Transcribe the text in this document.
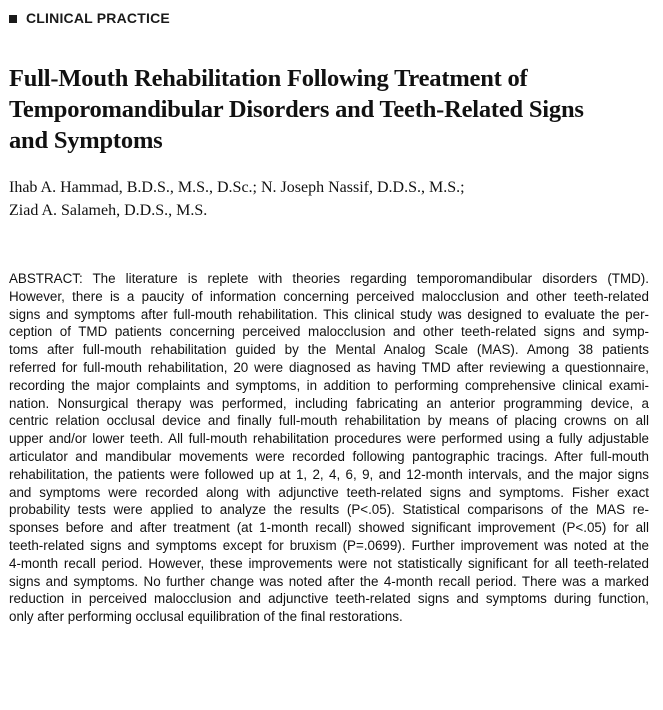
CLINICAL PRACTICE
Full-Mouth Rehabilitation Following Treatment of
Temporomandibular Disorders and Teeth-Related Signs
and Symptoms
Ihab A. Hammad, B.D.S., M.S., D.Sc.; N. Joseph Nassif, D.D.S., M.S.;
Ziad A. Salameh, D.D.S., M.S.
ABSTRACT: The literature is replete with theories regarding temporomandibular disorders (TMD).
However, there is a paucity of information concerning perceived malocclusion and other teeth-related
signs and symptoms after full-mouth rehabilitation. This clinical study was designed to evaluate the per-
ception of TMD patients concerning perceived malocclusion and other teeth-related signs and symp-
toms after full-mouth rehabilitation guided by the Mental Analog Scale (MAS). Among 38 patients
referred for full-mouth rehabilitation, 20 were diagnosed as having TMD after reviewing a questionnaire,
recording the major complaints and symptoms, in addition to performing comprehensive clinical exami-
nation. Nonsurgical therapy was performed, including fabricating an anterior programming device, a
centric relation occlusal device and finally full-mouth rehabilitation by means of placing crowns on all
upper and/or lower teeth. All full-mouth rehabilitation procedures were performed using a fully adjustable
articulator and mandibular movements were recorded following pantographic tracings. After full-mouth
rehabilitation, the patients were followed up at 1, 2, 4, 6, 9, and 12-month intervals, and the major signs
and symptoms were recorded along with adjunctive teeth-related signs and symptoms. Fisher exact
probability tests were applied to analyze the results (P<.05). Statistical comparisons of the MAS re-
sponses before and after treatment (at 1-month recall) showed significant improvement (P<.05) for all
teeth-related signs and symptoms except for bruxism (P=.0699). Further improvement was noted at the
4-month recall period. However, these improvements were not statistically significant for all teeth-related
signs and symptoms. No further change was noted after the 4-month recall period. There was a marked
reduction in perceived malocclusion and adjunctive teeth-related signs and symptoms during function,
only after performing occlusal equilibration of the final restorations.
